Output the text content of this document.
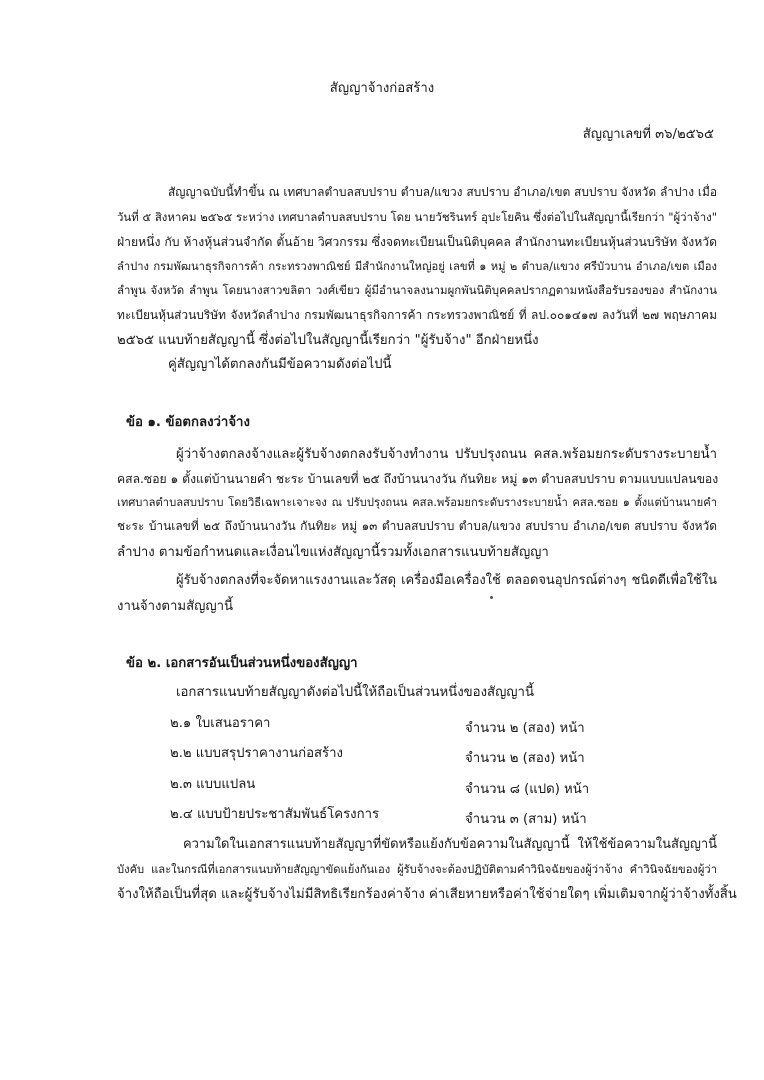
สัญญาจ้างก่อสร้าง
สัญญาเลขที่ ๓๖/๒๕๖๕
สัญญาฉบับนี้ทำขึ้น ณ เทศบาลตำบลสบปราบ ตำบล/แขวง สบปราบ อำเภอ/เขต สบปราบ จังหวัด ลำปาง เมื่อ
วันที่ ๕ สิงหาคม ๒๕๖๕ ระหว่าง เทศบาลตำบลสบปราบ โดย นายวัชรินทร์ อุปะโยคิน ซึ่งต่อไปในสัญญานี้เรียกว่า "ผู้ว่าจ้าง"
ฝ่ายหนึ่ง กับ ห้างหุ้นส่วนจำกัด ตั้นอ้าย วิศวกรรม ซึ่งจดทะเบียนเป็นนิติบุคคล สำนักงานทะเบียนหุ้นส่วนบริษัท จังหวัด
ลำปาง กรมพัฒนาธุรกิจการค้า กระทรวงพาณิชย์ มีสำนักงานใหญ่อยู่ เลขที่ ๑ หมู่ ๒ ตำบล/แขวง ศรีบัวบาน อำเภอ/เขต เมือง
ลำพูน จังหวัด ลำพูน โดยนางสาวขลิตา วงศ์เขียว ผู้มีอำนาจลงนามผูกพันนิติบุคคลปรากฏตามหนังสือรับรองของ สำนักงาน
ทะเบียนหุ้นส่วนบริษัท จังหวัดลำปาง กรมพัฒนาธุรกิจการค้า กระทรวงพาณิชย์ ที่ ลป.๐๐๑๔๑๗ ลงวันที่ ๒๗ พฤษภาคม
๒๕๖๕ แนบท้ายสัญญานี้ ซึ่งต่อไปในสัญญานี้เรียกว่า "ผู้รับจ้าง" อีกฝ่ายหนึ่ง
คู่สัญญาได้ตกลงกันมีข้อความดังต่อไปนี้
ข้อ ๑. ข้อตกลงว่าจ้าง
ผู้ว่าจ้างตกลงจ้างและผู้รับจ้างตกลงรับจ้างทำงาน ปรับปรุงถนน คสล.พร้อมยกระดับรางระบายน้ำ
คสล.ซอย ๑ ตั้งแต่บ้านนายคำ ชะระ บ้านเลขที่ ๒๕ ถึงบ้านนางวัน กันทิยะ หมู่ ๑๓ ตำบลสบปราบ ตามแบบแปลนของ
เทศบาลตำบลสบปราบ โดยวิธีเฉพาะเจาะจง ณ ปรับปรุงถนน คสล.พร้อมยกระดับรางระบายน้ำ คสล.ซอย ๑ ตั้งแต่บ้านนายคำ
ชะระ บ้านเลขที่ ๒๕ ถึงบ้านนางวัน กันทิยะ หมู่ ๑๓ ตำบลสบปราบ ตำบล/แขวง สบปราบ อำเภอ/เขต สบปราบ จังหวัด
ลำปาง ตามข้อกำหนดและเงื่อนไขแห่งสัญญานี้รวมทั้งเอกสารแนบท้ายสัญญา
ผู้รับจ้างตกลงที่จะจัดหาแรงงานและวัสดุ เครื่องมือเครื่องใช้ ตลอดจนอุปกรณ์ต่างๆ ชนิดดีเพื่อใช้ใน
งานจ้างตามสัญญานี้
ข้อ ๒. เอกสารอันเป็นส่วนหนึ่งของสัญญา
เอกสารแนบท้ายสัญญาดังต่อไปนี้ให้ถือเป็นส่วนหนึ่งของสัญญานี้
๒.๑ ใบเสนอราคา	จำนวน ๒ (สอง) หน้า
๒.๒ แบบสรุปราคางานก่อสร้าง	จำนวน ๒ (สอง) หน้า
๒.๓ แบบแปลน	จำนวน ๘ (แปด) หน้า
๒.๔ แบบป้ายประชาสัมพันธ์โครงการ	จำนวน ๓ (สาม) หน้า
ความใดในเอกสารแนบท้ายสัญญาที่ขัดหรือแย้งกับข้อความในสัญญานี้ ให้ใช้ข้อความในสัญญานี้
บังคับ และในกรณีที่เอกสารแนบท้ายสัญญาขัดแย้งกันเอง ผู้รับจ้างจะต้องปฏิบัติตามคำวินิจฉัยของผู้ว่าจ้าง คำวินิจฉัยของผู้ว่า
จ้างให้ถือเป็นที่สุด และผู้รับจ้างไม่มีสิทธิเรียกร้องค่าจ้าง ค่าเสียหายหรือค่าใช้จ่ายใดๆ เพิ่มเติมจากผู้ว่าจ้างทั้งสิ้น
